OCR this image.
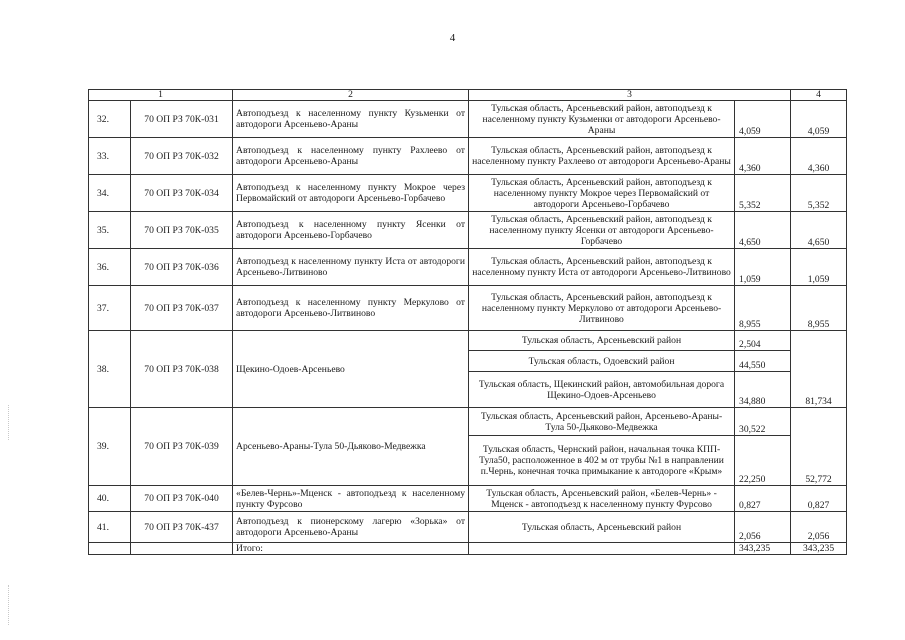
4
1		2	3		4
32.	70 ОП РЗ 70К-031	Автоподъезд к населенному пункту Кузьменки от автодороги Арсеньево-Араны	Тульская область, Арсеньевский район, автоподъезд к населенному пункту Кузьменки от автодороги Арсеньево-Араны	4,059	4,059
33.	70 ОП РЗ 70К-032	Автоподъезд к населенному пункту Рахлеево от автодороги Арсеньево-Араны	Тульская область, Арсеньевский район, автоподъезд к населенному пункту Рахлеево от автодороги Арсеньево-Араны	4,360	4,360
34.	70 ОП РЗ 70К-034	Автоподъезд к населенному пункту Мокрое через Первомайский от автодороги Арсеньево-Горбачево	Тульская область, Арсеньевский район, автоподъезд к населенному пункту Мокрое через Первомайский от автодороги Арсеньево-Горбачево	5,352	5,352
35.	70 ОП РЗ 70К-035	Автоподъезд к населенному пункту Ясенки от автодороги Арсеньево-Горбачево	Тульская область, Арсеньевский район, автоподъезд к населенному пункту Ясенки от автодороги Арсеньево-Горбачево	4,650	4,650
36.	70 ОП РЗ 70К-036	Автоподъезд к населенному пункту Иста от автодороги Арсеньево-Литвиново	Тульская область, Арсеньевский район, автоподъезд к населенному пункту Иста от автодороги Арсеньево-Литвиново	1,059	1,059
37.	70 ОП РЗ 70К-037	Автоподъезд к населенному пункту Меркулово от автодороги Арсеньево-Литвиново	Тульская область, Арсеньевский район, автоподъезд к населенному пункту Меркулово от автодороги Арсеньево-Литвиново	8,955	8,955
38.	70 ОП РЗ 70К-038	Щекино-Одоев-Арсеньево	Тульская область, Арсеньевский район	2,504	81,734
			Тульская область, Одоевский район	44,550	
			Тульская область, Щекинский район, автомобильная дорога Щекино-Одоев-Арсеньево	34,880	
39.	70 ОП РЗ 70К-039	Арсеньево-Араны-Тула 50-Дьяково-Медвежка	Тульская область, Арсеньевский район, Арсеньево-Араны-Тула 50-Дьяково-Медвежка	30,522	52,772
			Тульская область, Чернский район, начальная точка КПП-Тула50, расположенное в 402 м от трубы №1 в направлении п.Чернь, конечная точка примыкание к автодороге «Крым»	22,250	
40.	70 ОП РЗ 70К-040	«Белев-Чернь»-Мценск - автоподъезд к населенному пункту Фурсово	Тульская область, Арсеньевский район, «Белев-Чернь» - Мценск - автоподъезд к населенному пункту Фурсово	0,827	0,827
41.	70 ОП РЗ 70К-437	Автоподъезд к пионерскому лагерю «Зорька» от автодороги Арсеньево-Араны	Тульская область, Арсеньевский район	2,056	2,056
		Итого:		343,235	343,235
